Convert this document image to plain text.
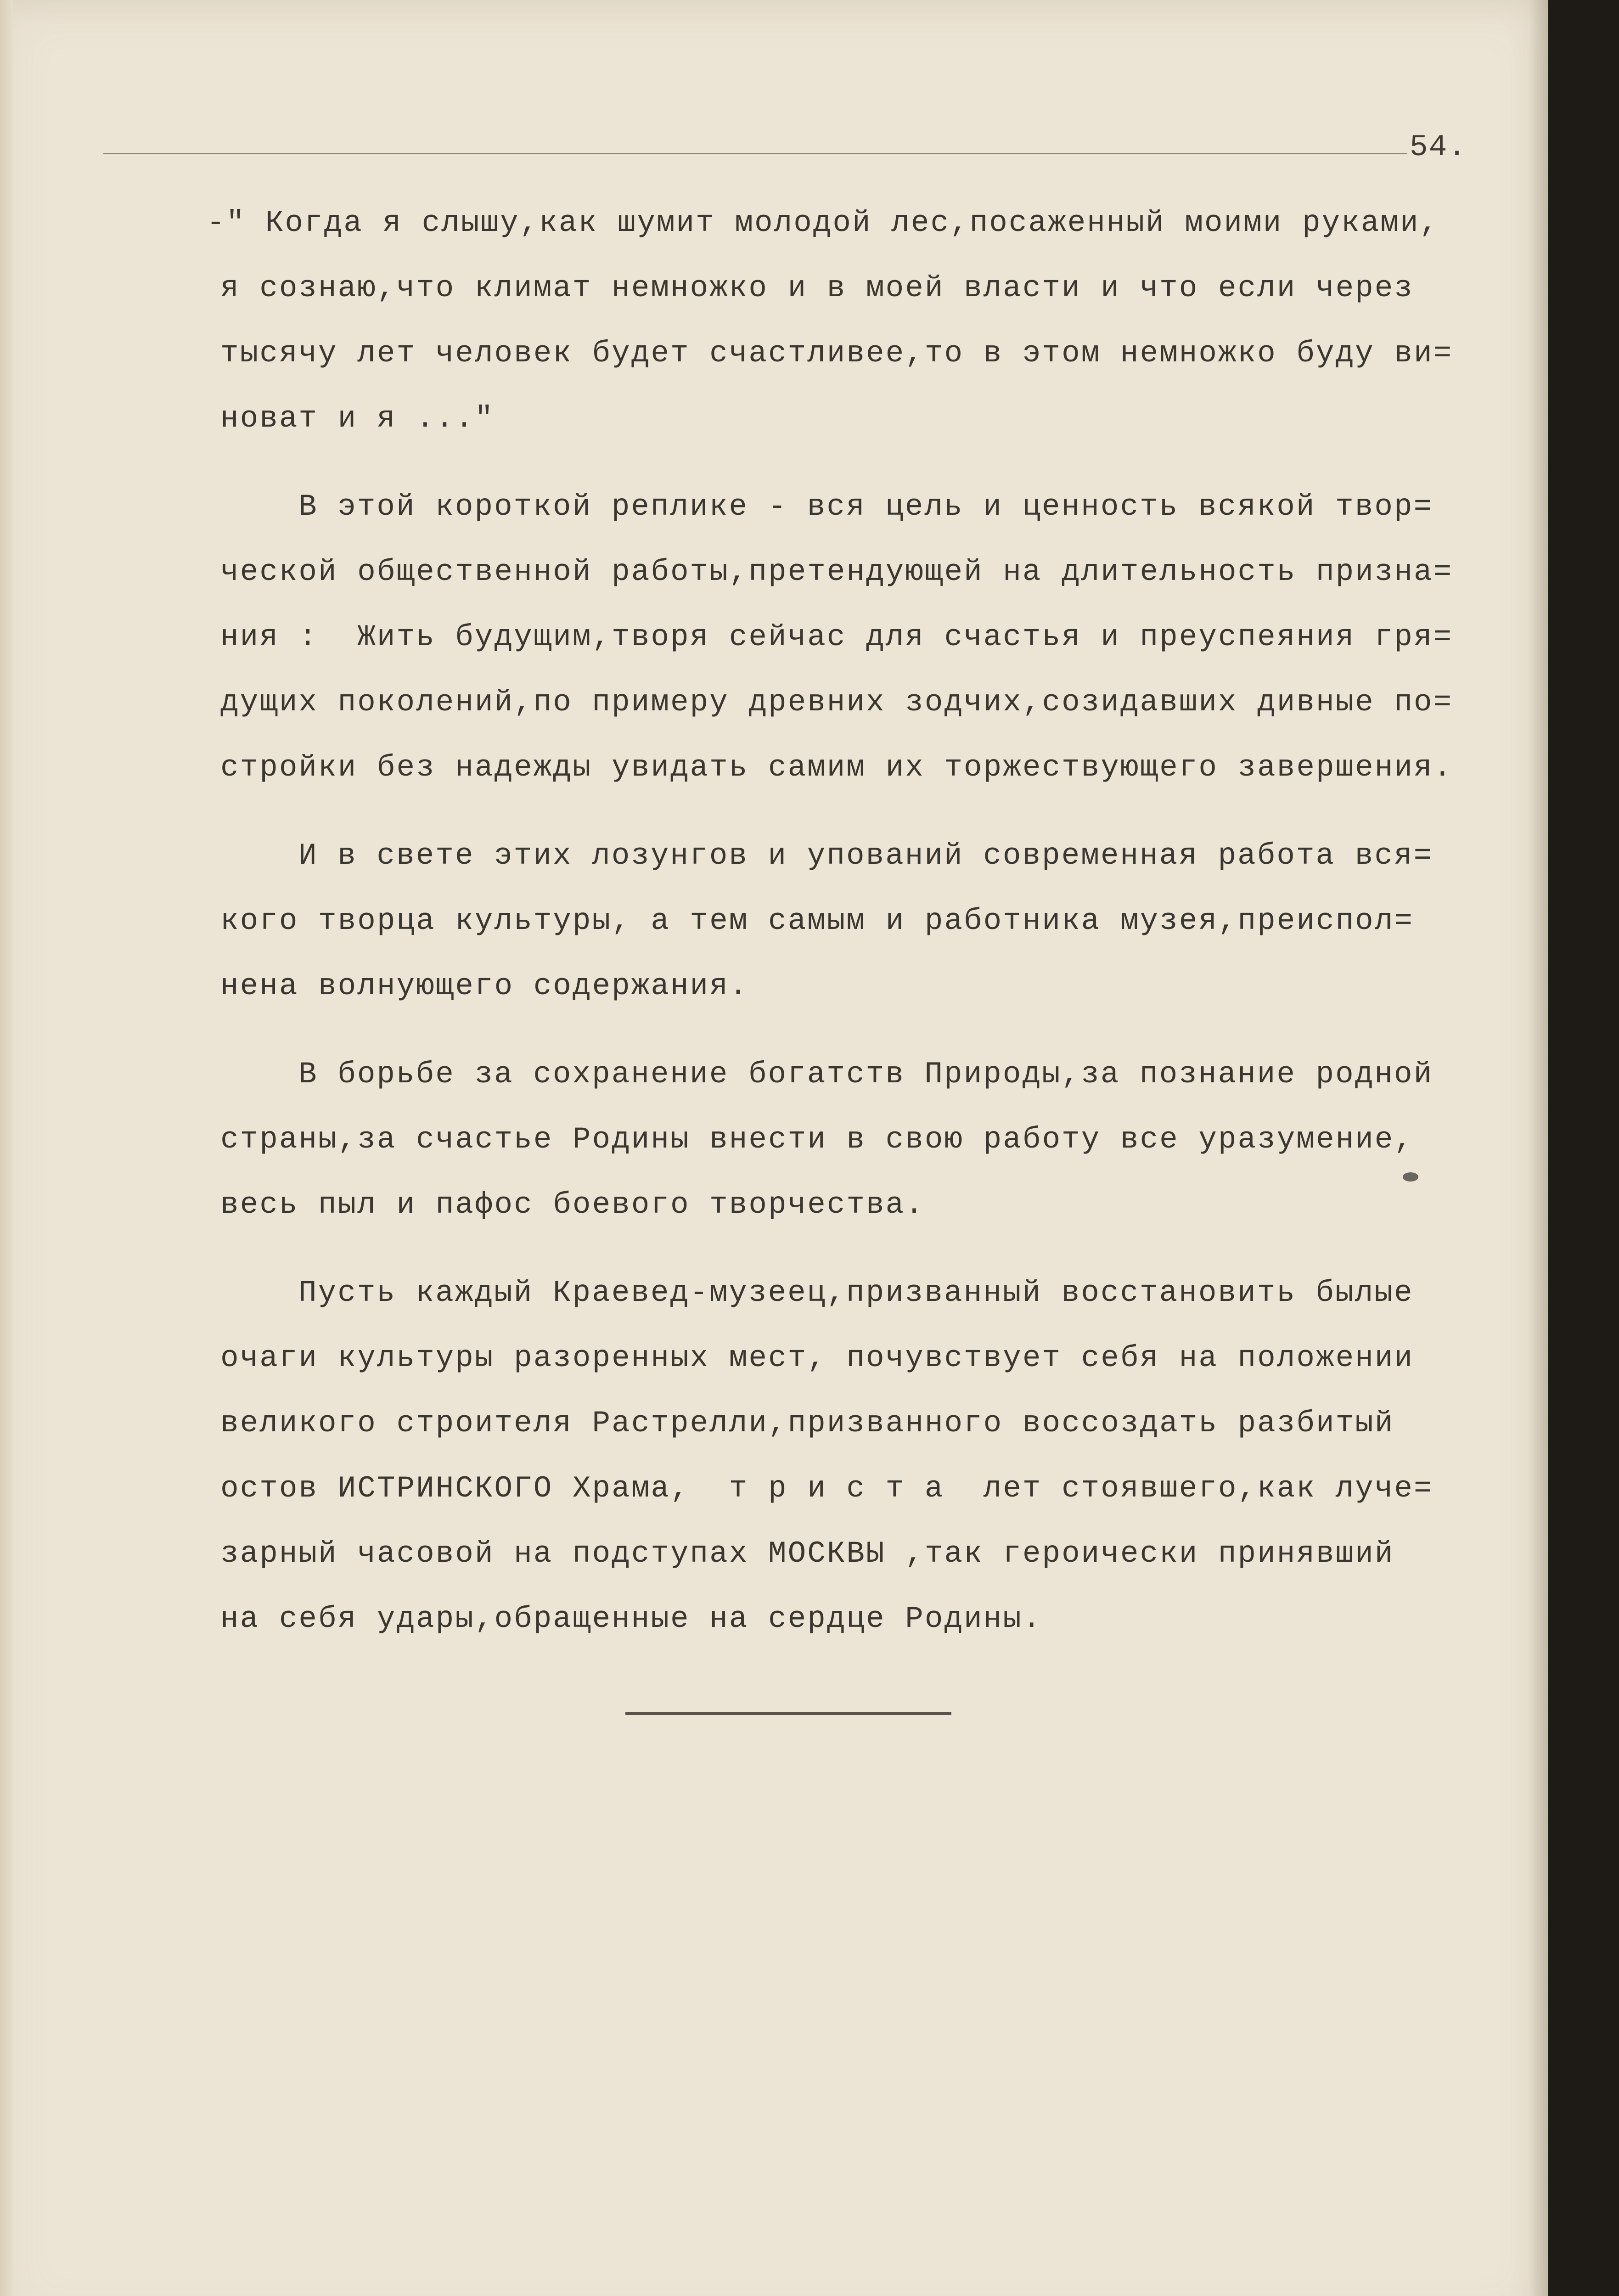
54.
-" Когда я слышу,как шумит молодой лес,посаженный моими руками,
я сознаю,что климат немножко и в моей власти и что если через
тысячу лет человек будет счастливее,то в этом немножко буду ви=
новат и я ..."
В этой короткой реплике - вся цель и ценность всякой твор=
ческой общественной работы,претендующей на длительность призна=
ния :  Жить будущим,творя сейчас для счастья и преуспеяния гря=
дущих поколений,по примеру древних зодчих,созидавших дивные по=
стройки без надежды увидать самим их торжествующего завершения.
И в свете этих лозунгов и упований современная работа вся=
кого творца культуры, а тем самым и работника музея,преиспол=
нена волнующего содержания.
В борьбе за сохранение богатств Природы,за познание родной
страны,за счастье Родины внести в свою работу все уразумение,
весь пыл и пафос боевого творчества.
Пусть каждый Краевед-музеец,призванный восстановить былые
очаги культуры разоренных мест, почувствует себя на положении
великого строителя Растрелли,призванного воссоздать разбитый
остов ИСТРИНСКОГО Храма,  т р и с т а  лет стоявшего,как луче=
зарный часовой на подступах МОСКВЫ ,так героически принявший
на себя удары,обращенные на сердце Родины.
